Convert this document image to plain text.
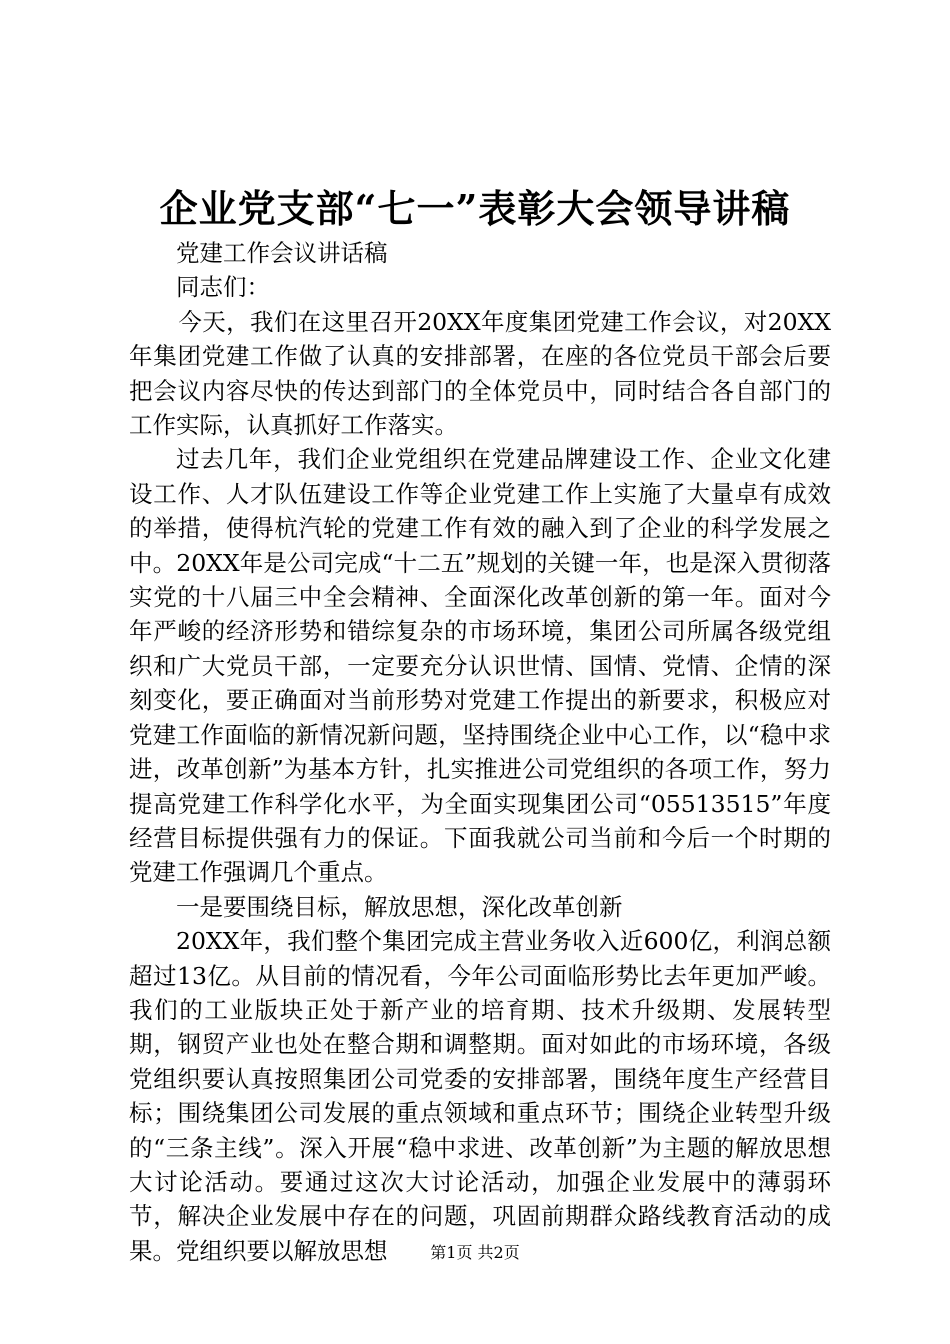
企业党支部“七一”表彰大会领导讲稿

党建工作会议讲话稿

同志们：

今天，我们在这里召开20XX年度集团党建工作会议，对20XX年集团党建工作做了认真的安排部署，在座的各位党员干部会后要把会议内容尽快的传达到部门的全体党员中，同时结合各自部门的工作实际，认真抓好工作落实。

过去几年，我们企业党组织在党建品牌建设工作、企业文化建设工作、人才队伍建设工作等企业党建工作上实施了大量卓有成效的举措，使得杭汽轮的党建工作有效的融入到了企业的科学发展之中。20XX年是公司完成“十二五”规划的关键一年，也是深入贯彻落实党的十八届三中全会精神、全面深化改革创新的第一年。面对今年严峻的经济形势和错综复杂的市场环境，集团公司所属各级党组织和广大党员干部，一定要充分认识世情、国情、党情、企情的深刻变化，要正确面对当前形势对党建工作提出的新要求，积极应对党建工作面临的新情况新问题，坚持围绕企业中心工作，以“稳中求进，改革创新”为基本方针，扎实推进公司党组织的各项工作，努力提高党建工作科学化水平，为全面实现集团公司“05513515”年度经营目标提供强有力的保证。下面我就公司当前和今后一个时期的党建工作强调几个重点。

一是要围绕目标，解放思想，深化改革创新

20XX年，我们整个集团完成主营业务收入近600亿，利润总额超过13亿。从目前的情况看，今年公司面临形势比去年更加严峻。我们的工业版块正处于新产业的培育期、技术升级期、发展转型期，钢贸产业也处在整合期和调整期。面对如此的市场环境，各级党组织要认真按照集团公司党委的安排部署，围绕年度生产经营目标；围绕集团公司发展的重点领域和重点环节；围绕企业转型升级的“三条主线”。深入开展“稳中求进、改革创新”为主题的解放思想大讨论活动。要通过这次大讨论活动，加强企业发展中的薄弱环节，解决企业发展中存在的问题，巩固前期群众路线教育活动的成果。党组织要以解放思想	第1页 共2页
